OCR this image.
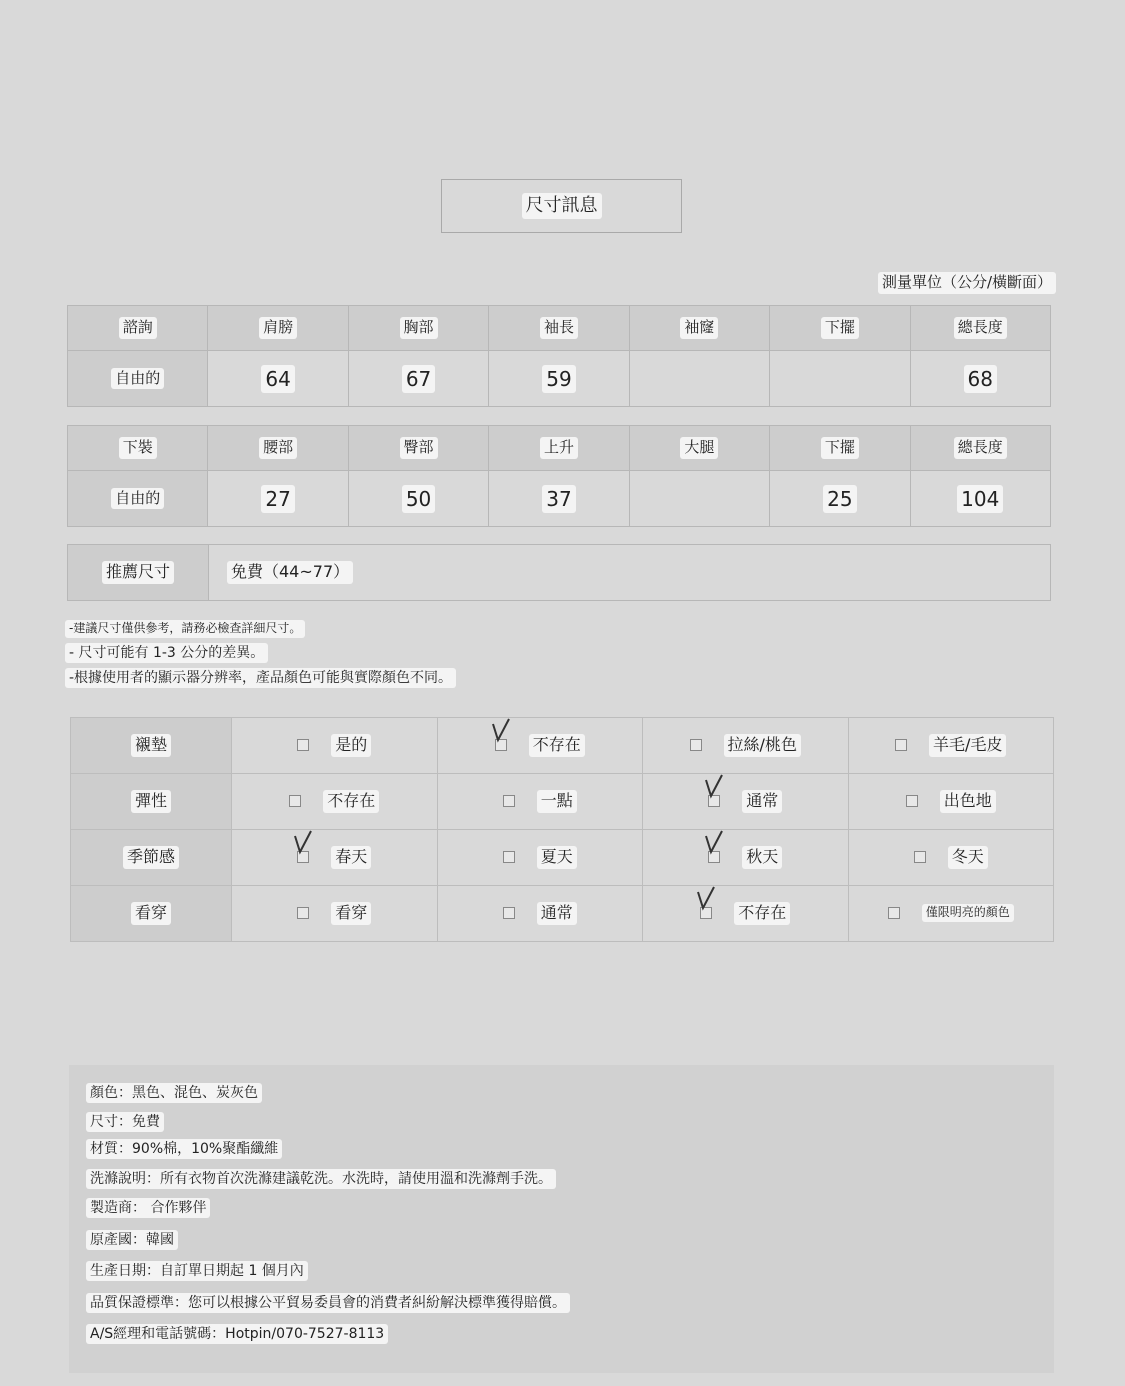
尺寸訊息
測量單位（公分/橫斷面）
諮詢	肩膀	胸部	袖長	袖窿	下擺	總長度
自由的	64	67	59			68
下裝	腰部	臀部	上升	大腿	下擺	總長度
自由的	27	50	37		25	104
推薦尺寸	免費（44~77）
-建議尺寸僅供參考，請務必檢查詳細尺寸。
- 尺寸可能有 1-3 公分的差異。
-根據使用者的顯示器分辨率，產品顏色可能與實際顏色不同。
襯墊	是的	不存在	拉絲/桃色	羊毛/毛皮

彈性	不存在	一點	通常	出色地

季節感	春天	夏天	秋天	冬天

看穿	看穿	通常	不存在	僅限明亮的顏色
顏色：黑色、混色、炭灰色
尺寸：免費
材質：90%棉，10%聚酯纖維
洗滌說明：所有衣物首次洗滌建議乾洗。水洗時，請使用溫和洗滌劑手洗。
製造商： 合作夥伴
原產國：韓國
生產日期：自訂單日期起 1 個月內
品質保證標準：您可以根據公平貿易委員會的消費者糾紛解決標準獲得賠償。
A/S經理和電話號碼：Hotpin/070-7527-8113
